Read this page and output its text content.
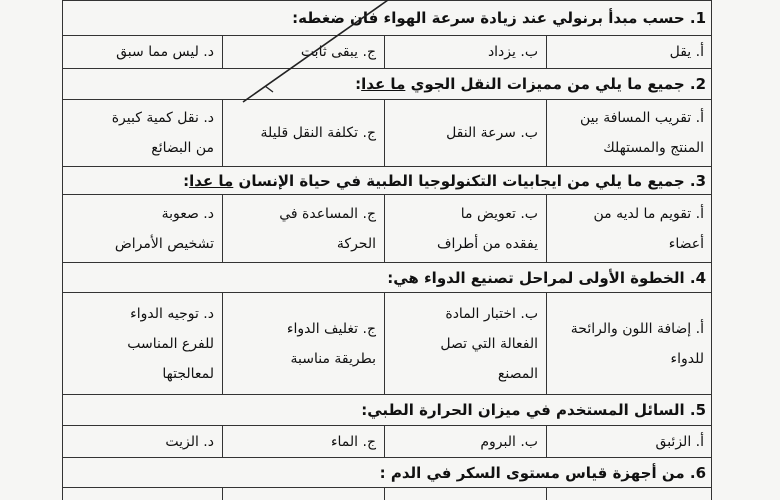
1. حسب مبدأ برنولي عند زيادة سرعة الهواء فان ضغطه:
أ. يقل
ب. يزداد
ج. يبقى ثابت
د. ليس مما سبق
2. جميع ما يلي من مميزات النقل الجوي

ما عدا
:
أ. تقريب المسافة بين
المنتج والمستهلك
ب. سرعة النقل
ج. تكلفة النقل قليلة
د. نقل كمية كبيرة
من البضائع
3. جميع ما يلي من ايجابيات التكنولوجيا الطبية في حياة الإنسان

ما عدا
:
أ. تقويم ما لديه من
أعضاء
ب. تعويض ما
يفقده من أطراف
ج. المساعدة في
الحركة
د. صعوبة
تشخيص الأمراض
4. الخطوة الأولى لمراحل تصنيع الدواء هي:
أ. إضافة اللون والرائحة
للدواء
ب. اختبار المادة
الفعالة التي تصل
المصنع
ج. تغليف الدواء
بطريقة مناسبة
د. توجيه الدواء
للفرع المناسب
لمعالجتها
5. السائل المستخدم في ميزان الحرارة الطبي:
أ. الزئبق
ب. البروم
ج. الماء
د. الزيت
6. من أجهزة قياس مستوى السكر في الدم :
